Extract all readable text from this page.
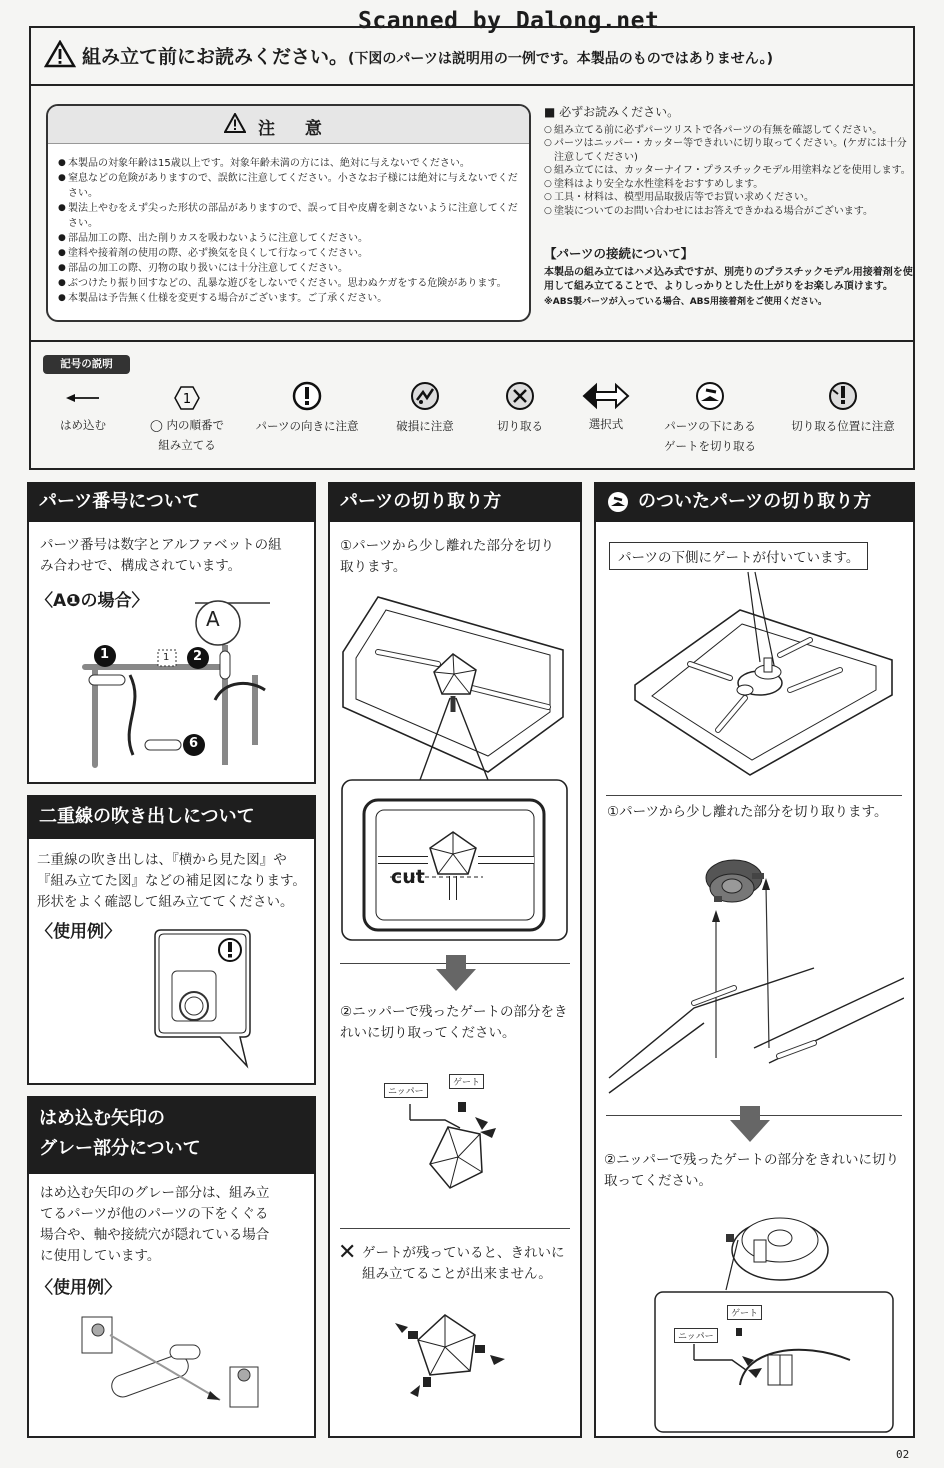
Scanned by Dalong.net
組み立て前にお読みください。(下図のパーツは説明用の一例です。本製品のものではありません。)
注 意
● 本製品の対象年齢は15歳以上です。対象年齢未満の方には、絶対に与えないでください。
● 窒息などの危険がありますので、誤飲に注意してください。小さなお子様には絶対に与えないでください。
● 製法上やむをえず尖った形状の部品がありますので、誤って目や皮膚を刺さないように注意してください。
● 部品加工の際、出た削りカスを吸わないように注意してください。
● 塗料や接着剤の使用の際、必ず換気を良くして行なってください。
● 部品の加工の際、刃物の取り扱いには十分注意してください。
● ぶつけたり振り回すなどの、乱暴な遊びをしないでください。思わぬケガをする危険があります。
● 本製品は予告無く仕様を変更する場合がございます。ご了承ください。
■ 必ずお読みください。
○ 組み立てる前に必ずパーツリストで各パーツの有無を確認してください。
○ パーツはニッパー・カッター等できれいに切り取ってください。(ケガには十分注意してください)
○ 組み立てには、カッターナイフ・プラスチックモデル用塗料などを使用します。
○ 塗料はより安全な水性塗料をおすすめします。
○ 工具・材料は、模型用品取扱店等でお買い求めください。
○ 塗装についてのお問い合わせにはお答えできかねる場合がございます。
【パーツの接続について】
本製品の組み立てはハメ込み式ですが、別売りのプラスチックモデル用接着剤を使用して組み立てることで、よりしっかりとした仕上がりをお楽しみ頂けます。
※ABS製パーツが入っている場合、ABS用接着剤をご使用ください。
記号の説明
はめ込む
1
◯ 内の順番で
組み立てる
パーツの向きに注意	破損に注意	切り取る	選択式	パーツの下にある
ゲートを切り取る
切り取る位置に注意
パーツ番号について
パーツ番号は数字とアルファベットの組み合わせで、構成されています。
〈A❶の場合〉
A
1	2
6
1
二重線の吹き出しについて
二重線の吹き出しは、『横から見た図』や『組み立てた図』などの補足図になります。形状をよく確認して組み立ててください。
〈使用例〉
はめ込む矢印の
グレー部分について
はめ込む矢印のグレー部分は、組み立てるパーツが他のパーツの下をくぐる場合や、軸や接続穴が隠れている場合に使用しています。
〈使用例〉
パーツの切り取り方
①パーツから少し離れた部分を切り取ります。
cut
②ニッパーで残ったゲートの部分をきれいに切り取ってください。
ニッパー
ゲート
✕ ゲートが残っていると、きれいに組み立てることが出来ません。
のついたパーツの切り取り方
パーツの下側にゲートが付いています。
①パーツから少し離れた部分を切り取ります。
②ニッパーで残ったゲートの部分をきれいに切り取ってください。
ニッパー
ゲート
02
